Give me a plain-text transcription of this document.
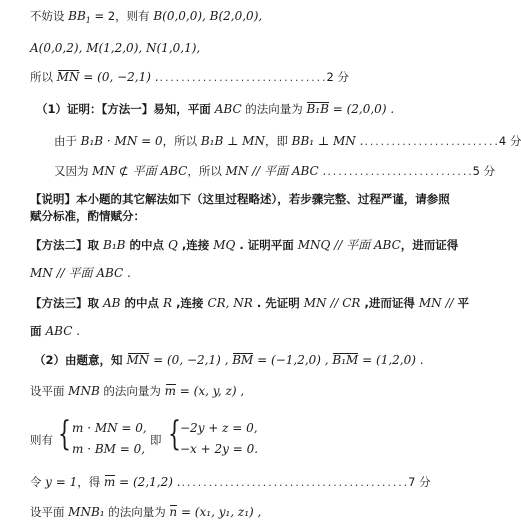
不妨设 $BB_1 = 2$，则有 B(0,0,0), B(2,0,0),
A(0,0,2), M(1,2,0), N(1,0,1),
所以 MN = (0, −2,1) ................................2 分
（1）证明：【方法一】易知，平面 ABC 的法向量为 B₁B = (2,0,0) .
由于 B₁B · MN = 0，所以 B₁B ⊥ MN，即 BB₁ ⊥ MN ..........................4 分
又因为 MN ⊄ 平面 ABC，所以 MN // 平面 ABC ............................5 分
【说明】本小题的其它解法如下（这里过程略述），若步骤完整、过程严谨，请参照
赋分标准，酌情赋分：
【方法二】取 B₁B 的中点 Q ,连接 MQ . 证明平面 MNQ // 平面 ABC，进而证得
MN // 平面 ABC .
【方法三】取 AB 的中点 R ,连接 CR, NR . 先证明 MN // CR ,进而证得 MN // 平
面 ABC .
（2）由题意，知 MN = (0, −2,1) , BM = (−1,2,0) , B₁M = (1,2,0) .
设平面 MNB 的法向量为 m = (x, y, z) ,
则有 { m · MN = 0,
m · BM = 0,
即 { −2y + z = 0,
−x + 2y = 0.
令 y = 1，得 m = (2,1,2) ...........................................7 分
设平面 MNB₁ 的法向量为 n = (x₁, y₁, z₁) ,
